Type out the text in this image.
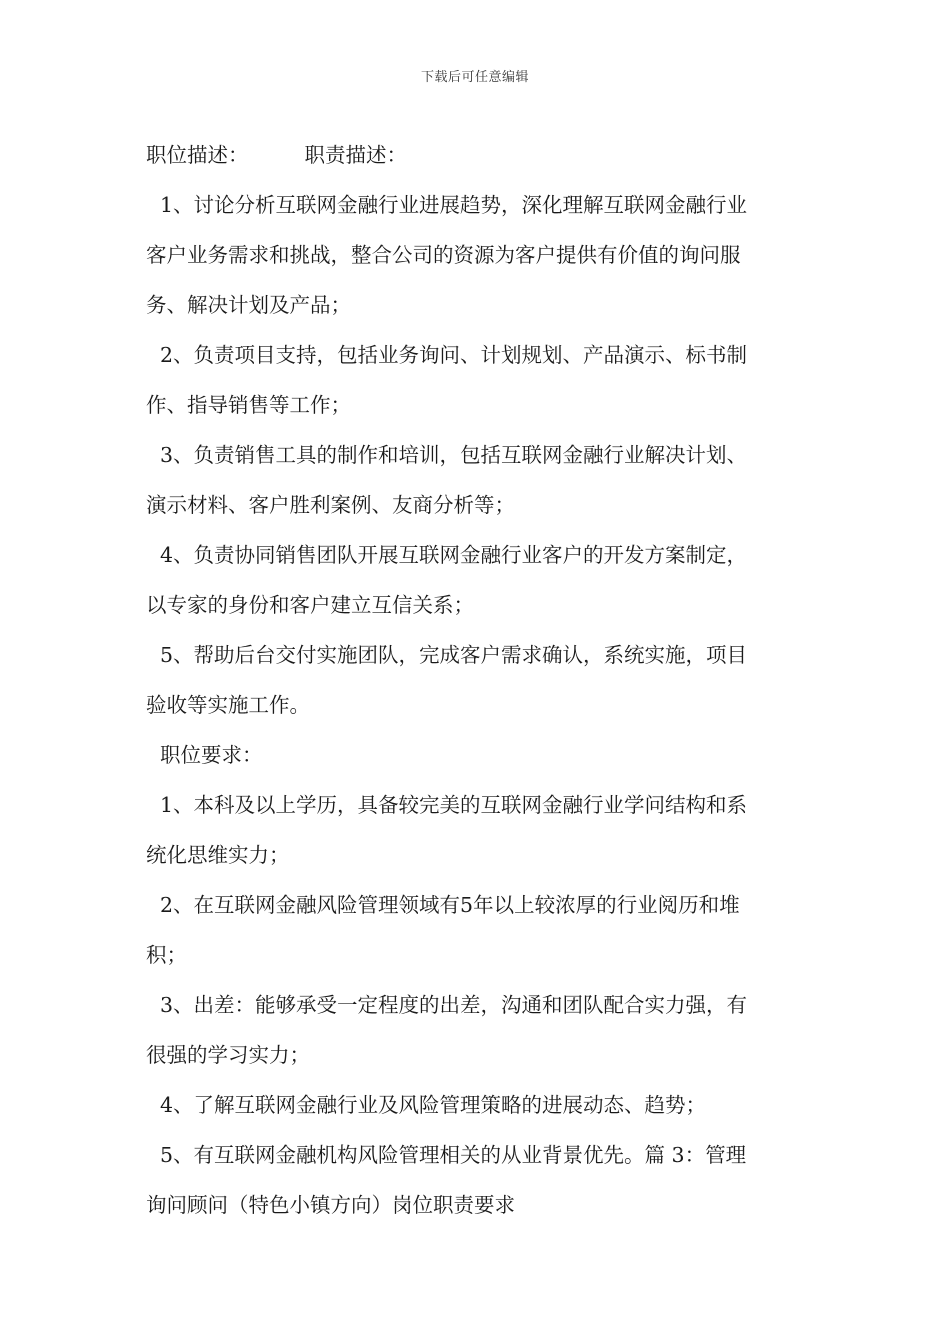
下载后可任意编辑
职位描述：	职责描述：
1、讨论分析互联网金融行业进展趋势，深化理解互联网金融行业
客户业务需求和挑战，整合公司的资源为客户提供有价值的询问服
务、解决计划及产品；
2、负责项目支持，包括业务询问、计划规划、产品演示、标书制
作、指导销售等工作；
3、负责销售工具的制作和培训，包括互联网金融行业解决计划、
演示材料、客户胜利案例、友商分析等；
4、负责协同销售团队开展互联网金融行业客户的开发方案制定，
以专家的身份和客户建立互信关系；
5、帮助后台交付实施团队，完成客户需求确认，系统实施，项目
验收等实施工作。
职位要求：
1、本科及以上学历，具备较完美的互联网金融行业学问结构和系
统化思维实力；
2、在互联网金融风险管理领域有5年以上较浓厚的行业阅历和堆
积；
3、出差：能够承受一定程度的出差，沟通和团队配合实力强，有
很强的学习实力；
4、了解互联网金融行业及风险管理策略的进展动态、趋势；
5、有互联网金融机构风险管理相关的从业背景优先。篇 3：管理
询问顾问（特色小镇方向）岗位职责要求
